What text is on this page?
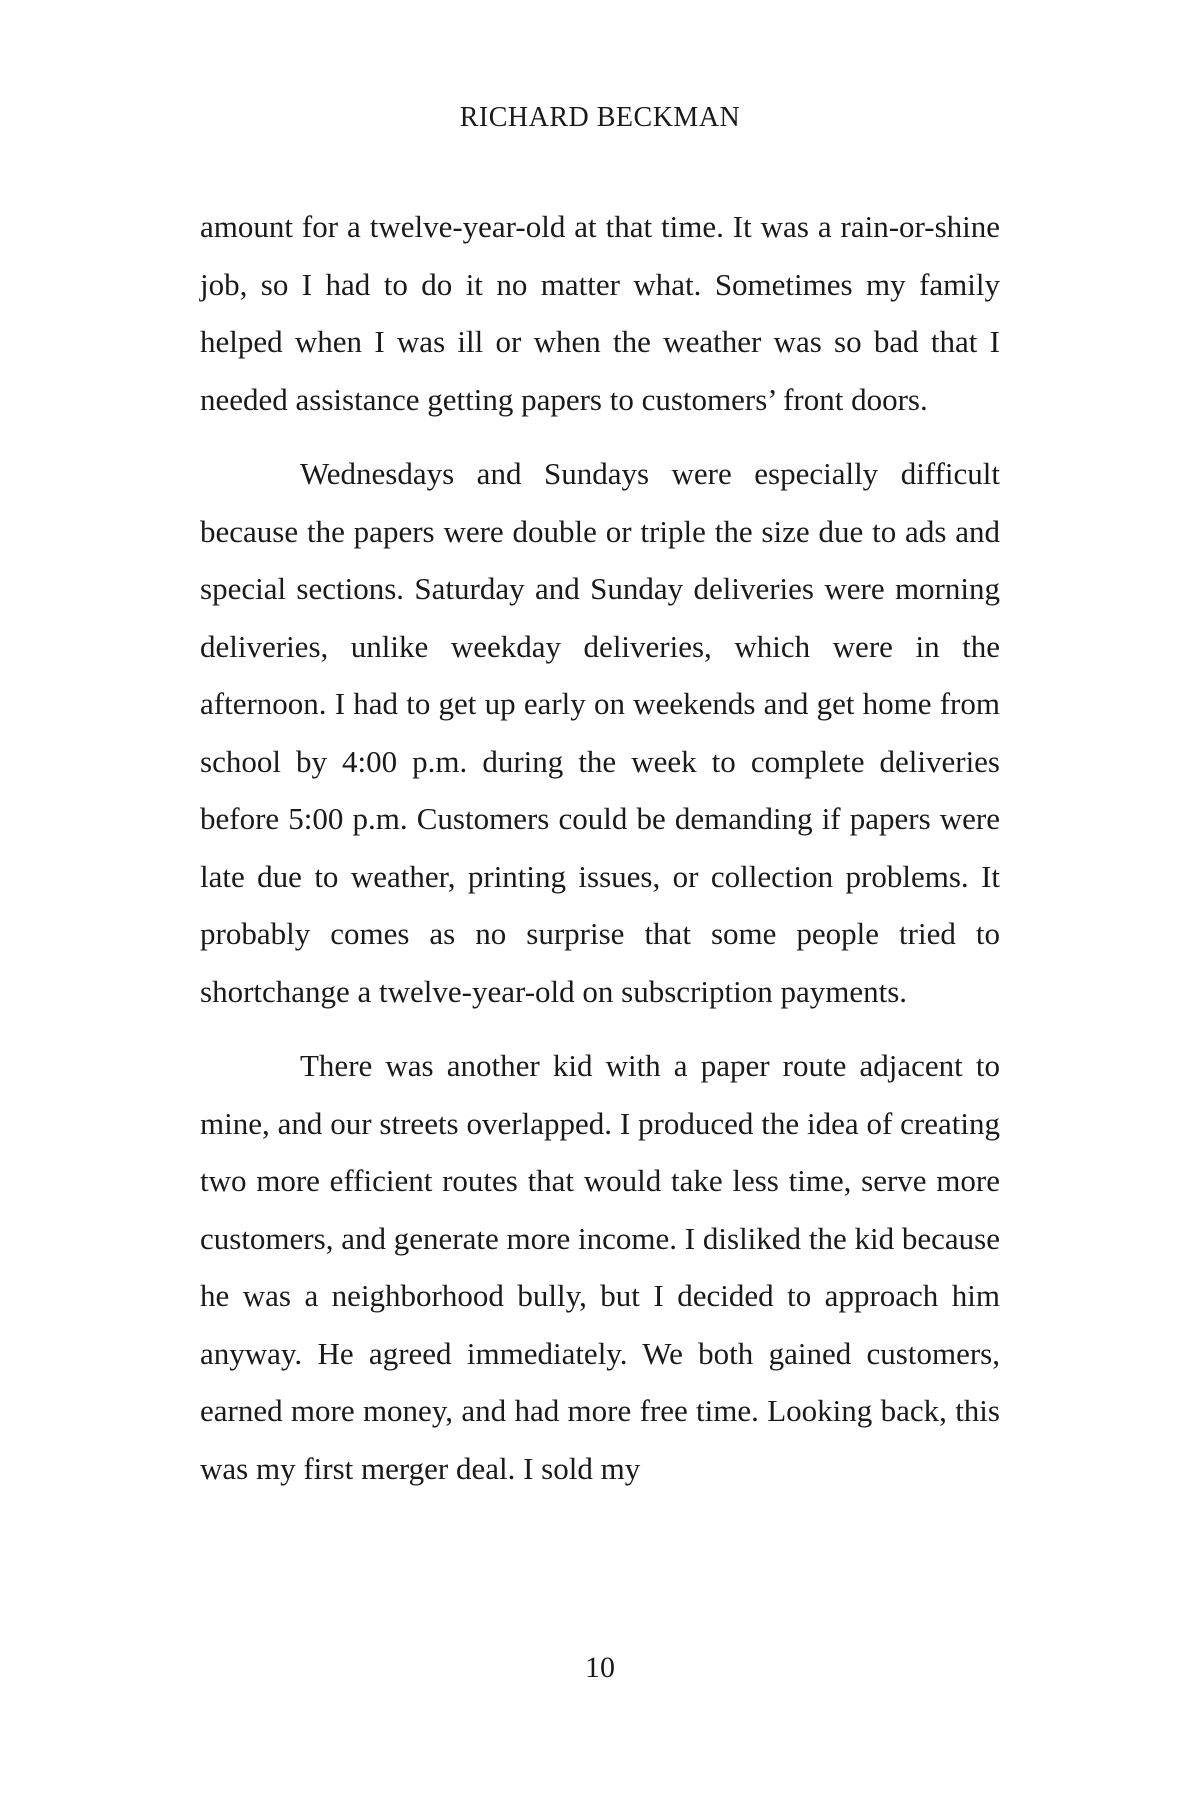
RICHARD BECKMAN

amount for a twelve-year-old at that time. It was a rain-or-shine job, so I had to do it no matter what. Sometimes my family helped when I was ill or when the weather was so bad that I needed assistance getting papers to customers’ front doors.

Wednesdays and Sundays were especially difficult because the papers were double or triple the size due to ads and special sections. Saturday and Sunday deliveries were morning deliveries, unlike weekday deliveries, which were in the afternoon. I had to get up early on weekends and get home from school by 4:00 p.m. during the week to complete deliveries before 5:00 p.m. Customers could be demanding if papers were late due to weather, printing issues, or collection problems. It probably comes as no surprise that some people tried to shortchange a twelve-year-old on subscription payments.

There was another kid with a paper route adjacent to mine, and our streets overlapped. I produced the idea of creating two more efficient routes that would take less time, serve more customers, and generate more income. I disliked the kid because he was a neighborhood bully, but I decided to approach him anyway. He agreed immediately. We both gained customers, earned more money, and had more free time. Looking back, this was my first merger deal. I sold my

10
